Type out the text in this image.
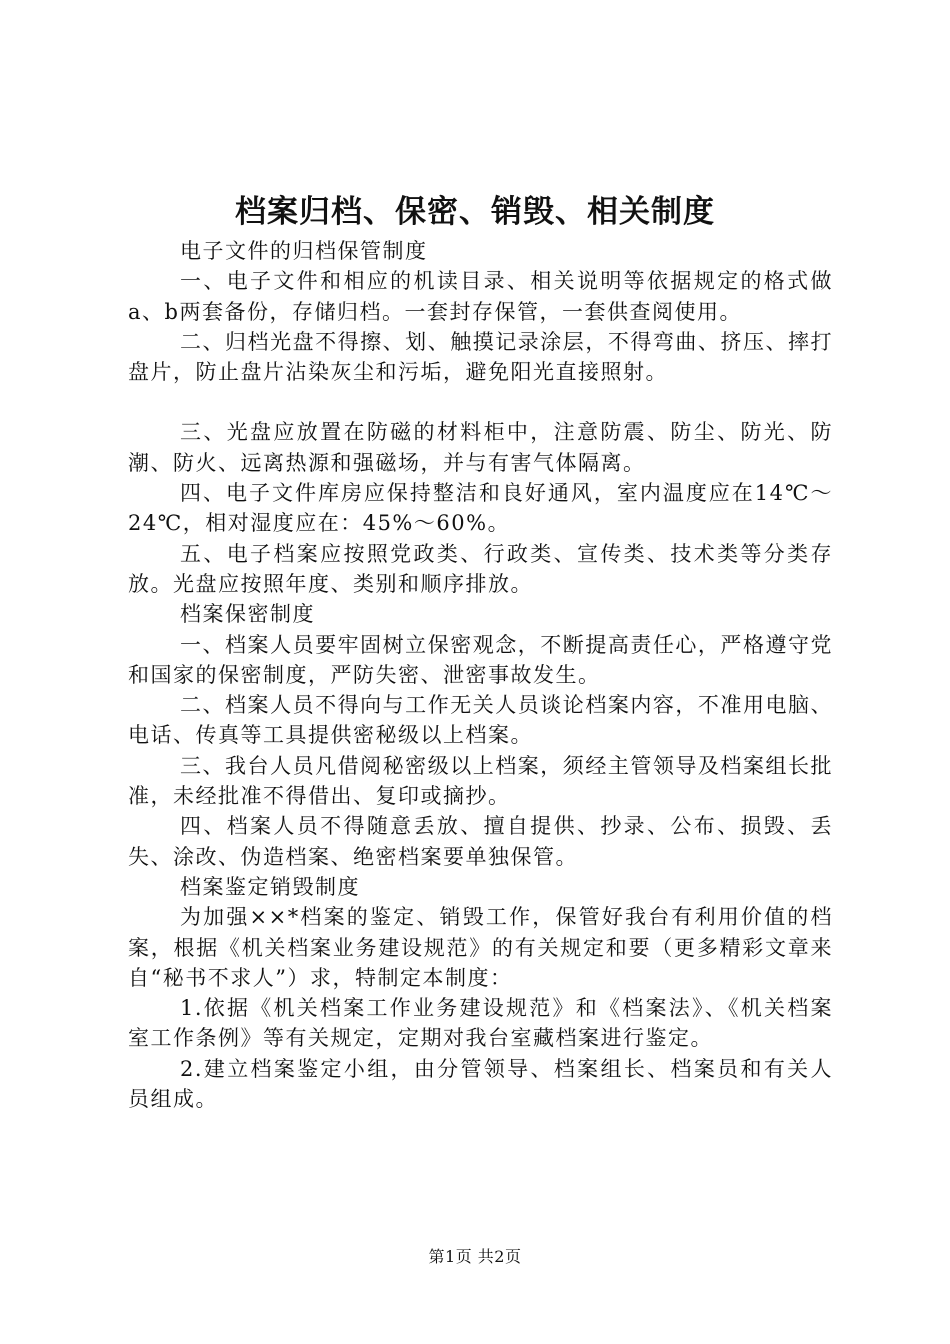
档案归档、保密、销毁、相关制度

电子文件的归档保管制度

一、电子文件和相应的机读目录、相关说明等依据规定的格式做a、b两套备份，存储归档。一套封存保管，一套供查阅使用。

二、归档光盘不得擦、划、触摸记录涂层，不得弯曲、挤压、摔打盘片，防止盘片沾染灰尘和污垢，避免阳光直接照射。

三、光盘应放置在防磁的材料柜中，注意防震、防尘、防光、防潮、防火、远离热源和强磁场，并与有害气体隔离。

四、电子文件库房应保持整洁和良好通风，室内温度应在14℃～24℃，相对湿度应在：45%～60%。

五、电子档案应按照党政类、行政类、宣传类、技术类等分类存放。光盘应按照年度、类别和顺序排放。

档案保密制度

一、档案人员要牢固树立保密观念，不断提高责任心，严格遵守党和国家的保密制度，严防失密、泄密事故发生。

二、档案人员不得向与工作无关人员谈论档案内容，不准用电脑、电话、传真等工具提供密秘级以上档案。

三、我台人员凡借阅秘密级以上档案，须经主管领导及档案组长批准，未经批准不得借出、复印或摘抄。

四、档案人员不得随意丢放、擅自提供、抄录、公布、损毁、丢失、涂改、伪造档案、绝密档案要单独保管。

档案鉴定销毁制度

为加强××*档案的鉴定、销毁工作，保管好我台有利用价值的档案，根据《机关档案业务建设规范》的有关规定和要（更多精彩文章来自“秘书不求人”）求，特制定本制度：

1.依据《机关档案工作业务建设规范》和《档案法》、《机关档案室工作条例》等有关规定，定期对我台室藏档案进行鉴定。

2.建立档案鉴定小组，由分管领导、档案组长、档案员和有关人员组成。

第1页 共2页
